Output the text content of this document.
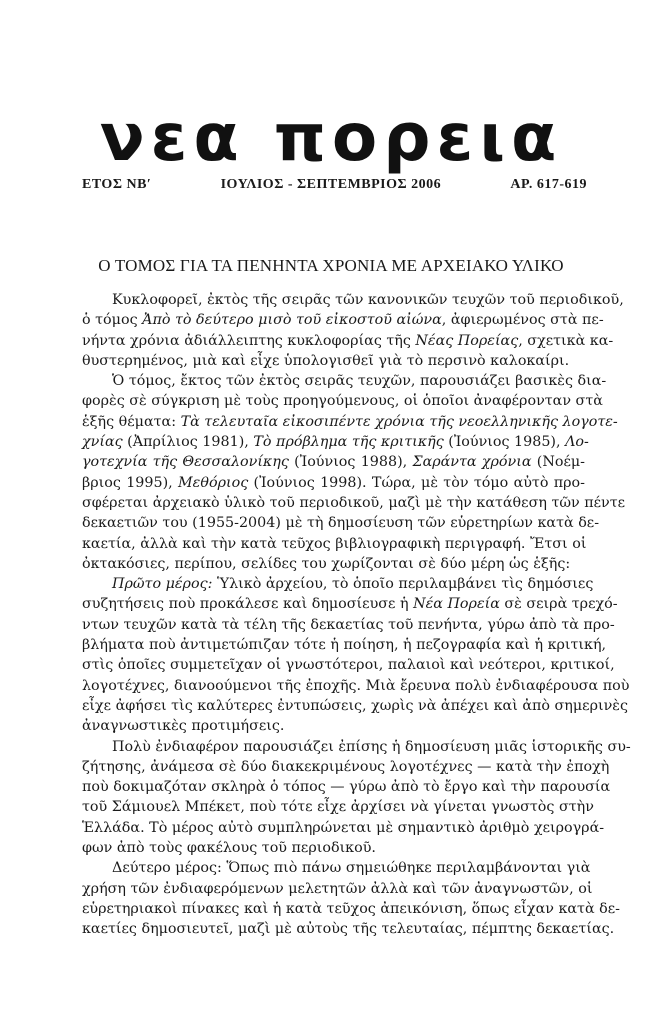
νεα πορεια
ΕΤΟΣ ΝΒ′	ΙΟΥΛΙΟΣ - ΣΕΠΤΕΜΒΡΙΟΣ 2006	ΑΡ. 617-619
Ο ΤΟΜΟΣ ΓΙΑ ΤΑ ΠΕΝΗΝΤΑ ΧΡΟΝΙΑ ΜΕ ΑΡΧΕΙΑΚΟ ΥΛΙΚΟ
Κυκλοφορεῖ, ἐκτὸς τῆς σειρᾶς τῶν κανονικῶν τευχῶν τοῦ περιοδικοῦ,
ὁ τόμος Ἀπὸ τὸ δεύτερο μισὸ τοῦ εἰκοστοῦ αἰώνα, ἀφιερωμένος στὰ πε-
νήντα χρόνια ἀδιάλλειπτης κυκλοφορίας τῆς Νέας Πορείας, σχετικὰ κα-
θυστερημένος, μιὰ καὶ εἶχε ὑπολογισθεῖ γιὰ τὸ περσινὸ καλοκαίρι.
Ὁ τόμος, ἔκτος τῶν ἐκτὸς σειρᾶς τευχῶν, παρουσιάζει βασικὲς δια-
φορὲς σὲ σύγκριση μὲ τοὺς προηγούμενους, οἱ ὁποῖοι ἀναφέρονταν στὰ
ἑξῆς θέματα: Τὰ τελευταῖα εἰκοσιπέντε χρόνια τῆς νεοελληνικῆς λογοτε-
χνίας (Ἀπρίλιος 1981), Τὸ πρόβλημα τῆς κριτικῆς (Ἰούνιος 1985), Λο-
γοτεχνία τῆς Θεσσαλονίκης (Ἰούνιος 1988), Σαράντα χρόνια (Νοέμ-
βριος 1995), Μεθόριος (Ἰούνιος 1998). Τώρα, μὲ τὸν τόμο αὐτὸ προ-
σφέρεται ἀρχειακὸ ὑλικὸ τοῦ περιοδικοῦ, μαζὶ μὲ τὴν κατάθεση τῶν πέντε
δεκαετιῶν του (1955-2004) μὲ τὴ δημοσίευση τῶν εὑρετηρίων κατὰ δε-
καετία, ἀλλὰ καὶ τὴν κατὰ τεῦχος βιβλιογραφικὴ περιγραφή. Ἔτσι οἱ
ὀκτακόσιες, περίπου, σελίδες του χωρίζονται σὲ δύο μέρη ὡς ἑξῆς:
Πρῶτο μέρος: Ὑλικὸ ἀρχείου, τὸ ὁποῖο περιλαμβάνει τὶς δημόσιες
συζητήσεις ποὺ προκάλεσε καὶ δημοσίευσε ἡ Νέα Πορεία σὲ σειρὰ τρεχό-
ντων τευχῶν κατὰ τὰ τέλη τῆς δεκαετίας τοῦ πενήντα, γύρω ἀπὸ τὰ προ-
βλήματα ποὺ ἀντιμετώπιζαν τότε ἡ ποίηση, ἡ πεζογραφία καὶ ἡ κριτική,
στὶς ὁποῖες συμμετεῖχαν οἱ γνωστότεροι, παλαιοὶ καὶ νεότεροι, κριτικοί,
λογοτέχνες, διανοούμενοι τῆς ἐποχῆς. Μιὰ ἔρευνα πολὺ ἐνδιαφέρουσα ποὺ
εἶχε ἀφήσει τὶς καλύτερες ἐντυπώσεις, χωρὶς νὰ ἀπέχει καὶ ἀπὸ σημερινὲς
ἀναγνωστικὲς προτιμήσεις.
Πολὺ ἐνδιαφέρον παρουσιάζει ἐπίσης ἡ δημοσίευση μιᾶς ἱστορικῆς συ-
ζήτησης, ἀνάμεσα σὲ δύο διακεκριμένους λογοτέχνες — κατὰ τὴν ἐποχὴ
ποὺ δοκιμαζόταν σκληρὰ ὁ τόπος — γύρω ἀπὸ τὸ ἔργο καὶ τὴν παρουσία
τοῦ Σάμιουελ Μπέκετ, ποὺ τότε εἶχε ἀρχίσει νὰ γίνεται γνωστὸς στὴν
Ἑλλάδα. Τὸ μέρος αὐτὸ συμπληρώνεται μὲ σημαντικὸ ἀριθμὸ χειρογρά-
φων ἀπὸ τοὺς φακέλους τοῦ περιοδικοῦ.
Δεύτερο μέρος: Ὅπως πιὸ πάνω σημειώθηκε περιλαμβάνονται γιὰ
χρήση τῶν ἐνδιαφερόμενων μελετητῶν ἀλλὰ καὶ τῶν ἀναγνωστῶν, οἱ
εὑρετηριακοὶ πίνακες καὶ ἡ κατὰ τεῦχος ἀπεικόνιση, ὅπως εἶχαν κατὰ δε-
καετίες δημοσιευτεῖ, μαζὶ μὲ αὐτοὺς τῆς τελευταίας, πέμπτης δεκαετίας.
